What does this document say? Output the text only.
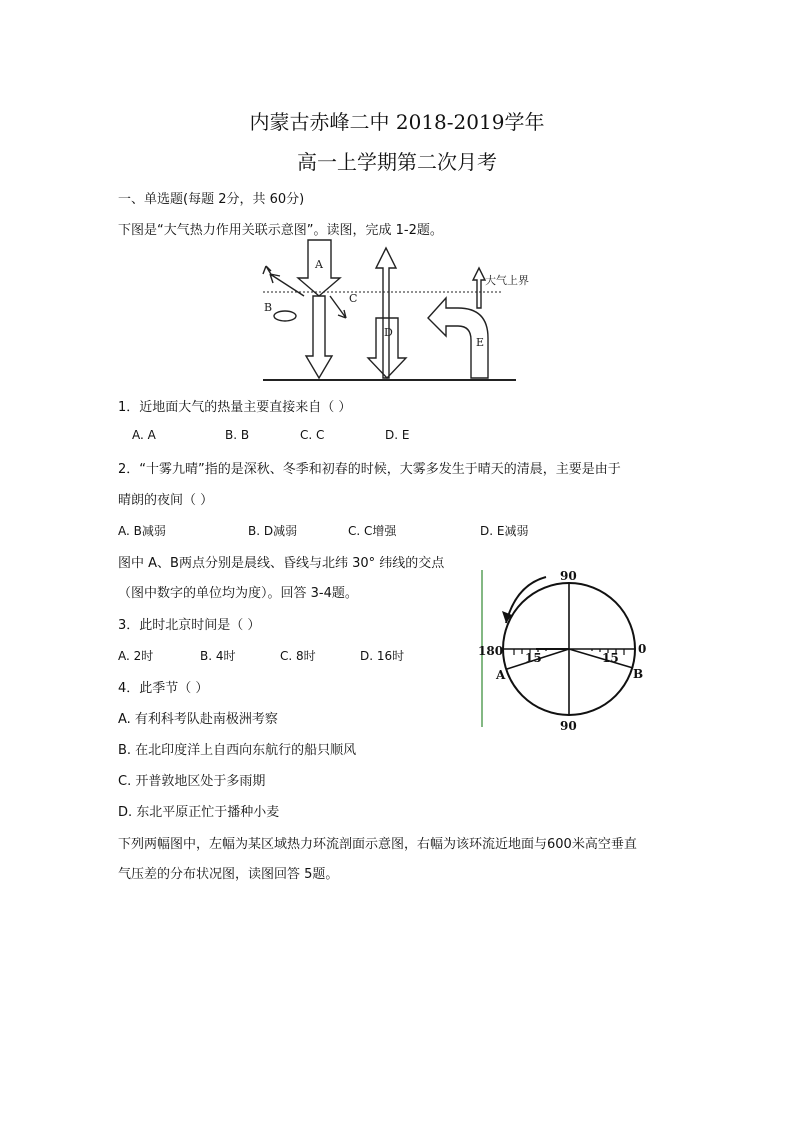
内蒙古赤峰二中 2018-2019学年
高一上学期第二次月考
一、单选题(每题 2分，共 60分)
下图是“大气热力作用关联示意图”。读图，完成 1-2题。
A
B
C
D
E
大气上界
1．近地面大气的热量主要直接来自（ ）
A. A	B. B	C. C	D. E
2．“十雾九晴”指的是深秋、冬季和初春的时候，大雾多发生于晴天的清晨，主要是由于
晴朗的夜间（ ）
A. B减弱	B. D减弱	C. C增强	D. E减弱
图中 A、B两点分别是晨线、昏线与北纬 30° 纬线的交点
（图中数字的单位均为度）。回答 3-4题。
3．此时北京时间是（ ）
A. 2时	B. 4时	C. 8时	D. 16时
4．此季节（ ）
A. 有利科考队赴南极洲考察
B. 在北印度洋上自西向东航行的船只顺风
C. 开普敦地区处于多雨期
D. 东北平原正忙于播种小麦
下列两幅图中，左幅为某区域热力环流剖面示意图，右幅为该环流近地面与600米高空垂直
气压差的分布状况图，读图回答 5题。
90
90
180	0
15	15
A	B
